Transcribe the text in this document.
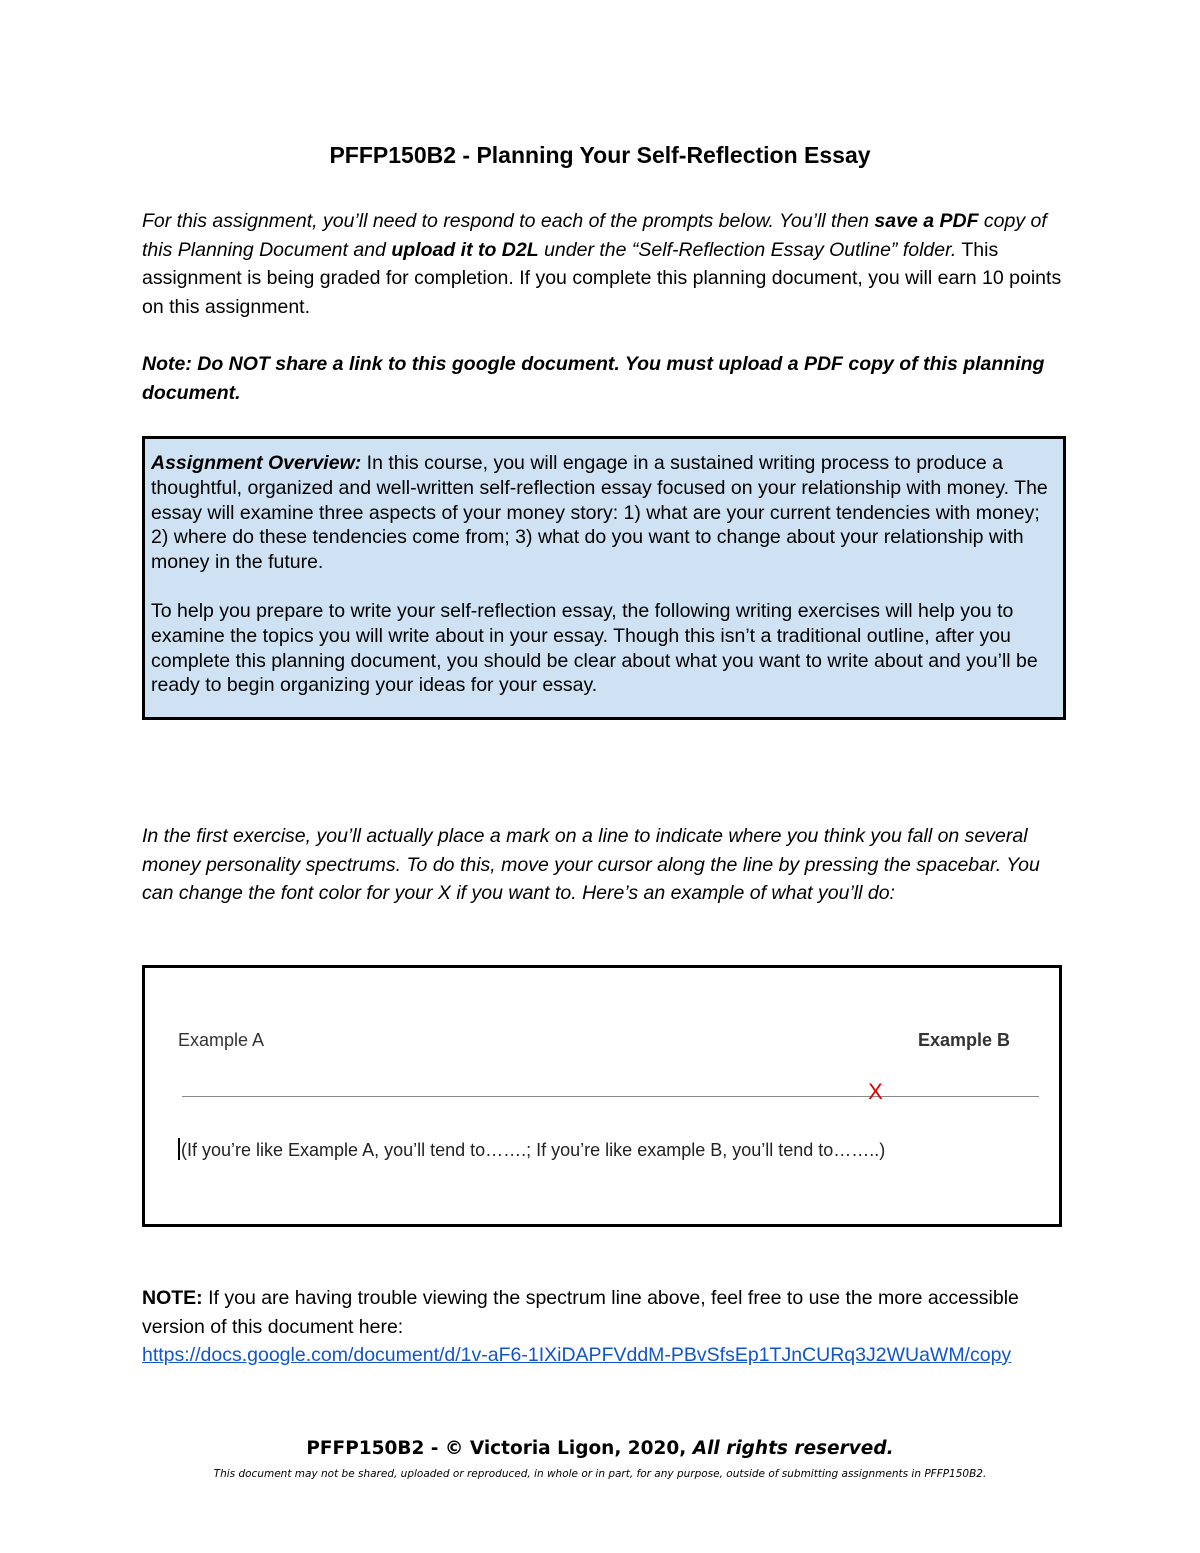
PFFP150B2 - Planning Your Self-Reflection Essay
For this assignment, you’ll need to respond to each of the prompts below. You’ll then save a PDF copy of this Planning Document and upload it to D2L under the “Self-Reflection Essay Outline” folder. This assignment is being graded for completion. If you complete this planning document, you will earn 10 points on this assignment.
Note: Do NOT share a link to this google document. You must upload a PDF copy of this planning document.

Assignment Overview: In this course, you will engage in a sustained writing process to produce a thoughtful, organized and well-written self-reflection essay focused on your relationship with money. The essay will examine three aspects of your money story: 1) what are your current tendencies with money; 2) where do these tendencies come from; 3) what do you want to change about your relationship with money in the future.

To help you prepare to write your self-reflection essay, the following writing exercises will help you to examine the topics you will write about in your essay. Though this isn’t a traditional outline, after you complete this planning document, you should be clear about what you want to write about and you’ll be ready to begin organizing your ideas for your essay.

In the first exercise, you’ll actually place a mark on a line to indicate where you think you fall on several money personality spectrums. To do this, move your cursor along the line by pressing the spacebar. You can change the font color for your X if you want to. Here’s an example of what you’ll do:
Example A	Example B
X
(If you’re like Example A, you’ll tend to…….; If you’re like example B, you’ll tend to……..)
NOTE: If you are having trouble viewing the spectrum line above, feel free to use the more accessible version of this document here:
https://docs.google.com/document/d/1v-aF6-1IXiDAPFVddM-PBvSfsEp1TJnCURq3J2WUaWM/copy
PFFP150B2 - © Victoria Ligon, 2020, All rights reserved.
This document may not be shared, uploaded or reproduced, in whole or in part, for any purpose, outside of submitting assignments in PFFP150B2.
